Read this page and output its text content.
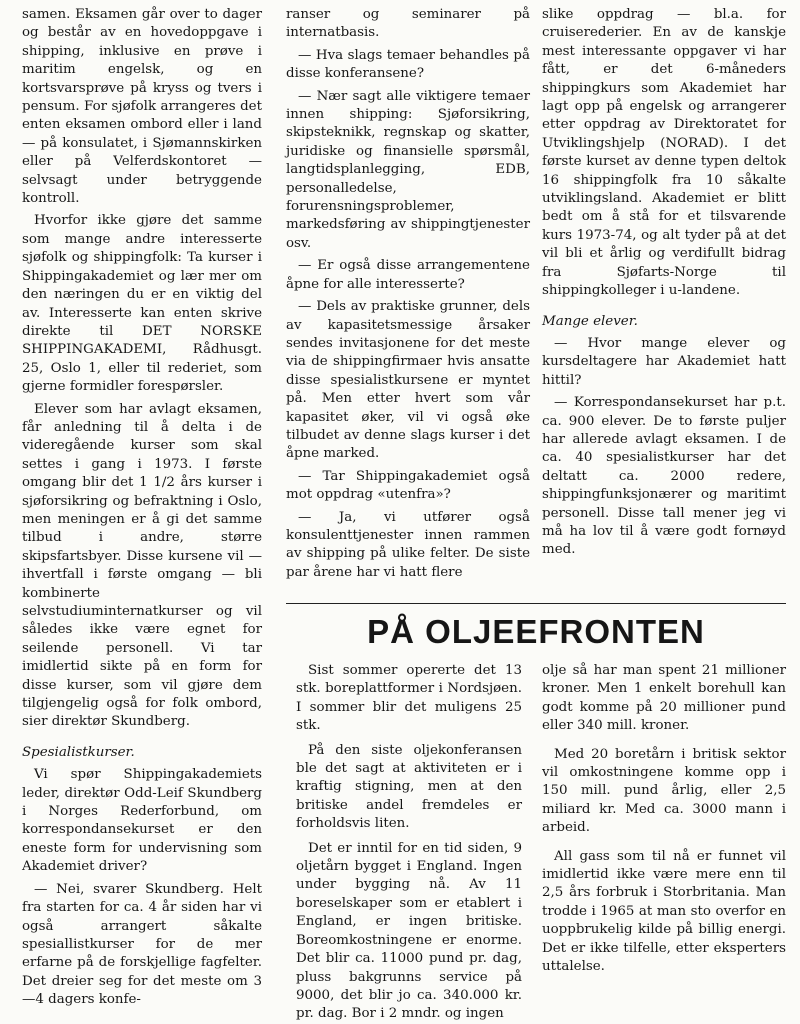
samen. Eksamen går over to dager og består av en hovedoppgave i shipping, inklusive en prøve i maritim engelsk, og en kortsvarsprøve på kryss og tvers i pensum. For sjøfolk arrangeres det enten eksamen ombord eller i land — på konsulatet, i Sjømannskirken eller på Velferdskontoret — selvsagt under betryggende kontroll.

Hvorfor ikke gjøre det samme som mange andre interesserte sjøfolk og shippingfolk: Ta kurser i Shippingakademiet og lær mer om den næringen du er en viktig del av. Interesserte kan enten skrive direkte til DET NORSKE SHIPPINGAKADEMI, Rådhusgt. 25, Oslo 1, eller til rederiet, som gjerne formidler forespørsler.

Elever som har avlagt eksamen, får anledning til å delta i de videregående kurser som skal settes i gang i 1973. I første omgang blir det 1 1/2 års kurser i sjøforsikring og befraktning i Oslo, men meningen er å gi det samme tilbud i andre, større skipsfartsbyer. Disse kursene vil — ihvertfall i første omgang — bli kombinerte selvstudiuminternatkurser og vil således ikke være egnet for seilende personell. Vi tar imidlertid sikte på en form for disse kurser, som vil gjøre dem tilgjengelig også for folk ombord, sier direktør Skundberg.

Spesialistkurser.

Vi spør Shippingakademiets leder, direktør Odd-Leif Skundberg i Norges Rederforbund, om korrespondansekurset er den eneste form for undervisning som Akademiet driver?

— Nei, svarer Skundberg. Helt fra starten for ca. 4 år siden har vi også arrangert såkalte spesiallistkurser for de mer erfarne på de forskjellige fagfelter. Det dreier seg for det meste om 3—4 dagers konfe-

ranser og seminarer på internatbasis.

— Hva slags temaer behandles på disse konferansene?

— Nær sagt alle viktigere temaer innen shipping: Sjøforsikring, skipsteknikk, regnskap og skatter, juridiske og finansielle spørsmål, langtidsplanlegging, EDB, personalledelse, forurensningsproblemer, markedsføring av shippingtjenester osv.

— Er også disse arrangementene åpne for alle interesserte?

— Dels av praktiske grunner, dels av kapasitetsmessige årsaker sendes invitasjonene for det meste via de shippingfirmaer hvis ansatte disse spesialistkursene er myntet på. Men etter hvert som vår kapasitet øker, vil vi også øke tilbudet av denne slags kurser i det åpne marked.

— Tar Shippingakademiet også mot oppdrag «utenfra»?

— Ja, vi utfører også konsulenttjenester innen rammen av shipping på ulike felter. De siste par årene har vi hatt flere

slike oppdrag — bl.a. for cruiserederier. En av de kanskje mest interessante oppgaver vi har fått, er det 6-måneders shippingkurs som Akademiet har lagt opp på engelsk og arrangerer etter oppdrag av Direktoratet for Utviklingshjelp (NORAD). I det første kurset av denne typen deltok 16 shippingfolk fra 10 såkalte utviklingsland. Akademiet er blitt bedt om å stå for et tilsvarende kurs 1973-74, og alt tyder på at det vil bli et årlig og verdifullt bidrag fra Sjøfarts-Norge til shippingkolleger i u-landene.

Mange elever.

— Hvor mange elever og kursdeltagere har Akademiet hatt hittil?

— Korrespondansekurset har p.t. ca. 900 elever. De to første puljer har allerede avlagt eksamen. I de ca. 40 spesialistkurser har det deltatt ca. 2000 redere, shippingfunksjonærer og maritimt personell. Disse tall mener jeg vi må ha lov til å være godt fornøyd med.

PÅ OLJEEFRONTEN

Sist sommer opererte det 13 stk. boreplattformer i Nordsjøen. I sommer blir det muligens 25 stk.

På den siste oljekonferansen ble det sagt at aktiviteten er i kraftig stigning, men at den britiske andel fremdeles er forholdsvis liten.

Det er inntil for en tid siden, 9 oljetårn bygget i England. Ingen under bygging nå. Av 11 boreselskaper som er etablert i England, er ingen britiske. Boreomkostningene er enorme. Det blir ca. 11000 pund pr. dag, pluss bakgrunns service på 9000, det blir jo ca. 340.000 kr. pr. dag. Bor i 2 mndr. og ingen

olje så har man spent 21 millioner kroner. Men 1 enkelt borehull kan godt komme på 20 millioner pund eller 340 mill. kroner.

Med 20 boretårn i britisk sektor vil omkostningene komme opp i 150 mill. pund årlig, eller 2,5 miliard kr. Med ca. 3000 mann i arbeid.

All gass som til nå er funnet vil imidlertid ikke være mere enn til 2,5 års forbruk i Storbritania. Man trodde i 1965 at man sto overfor en uoppbrukelig kilde på billig energi. Det er ikke tilfelle, etter eksperters uttalelse.
